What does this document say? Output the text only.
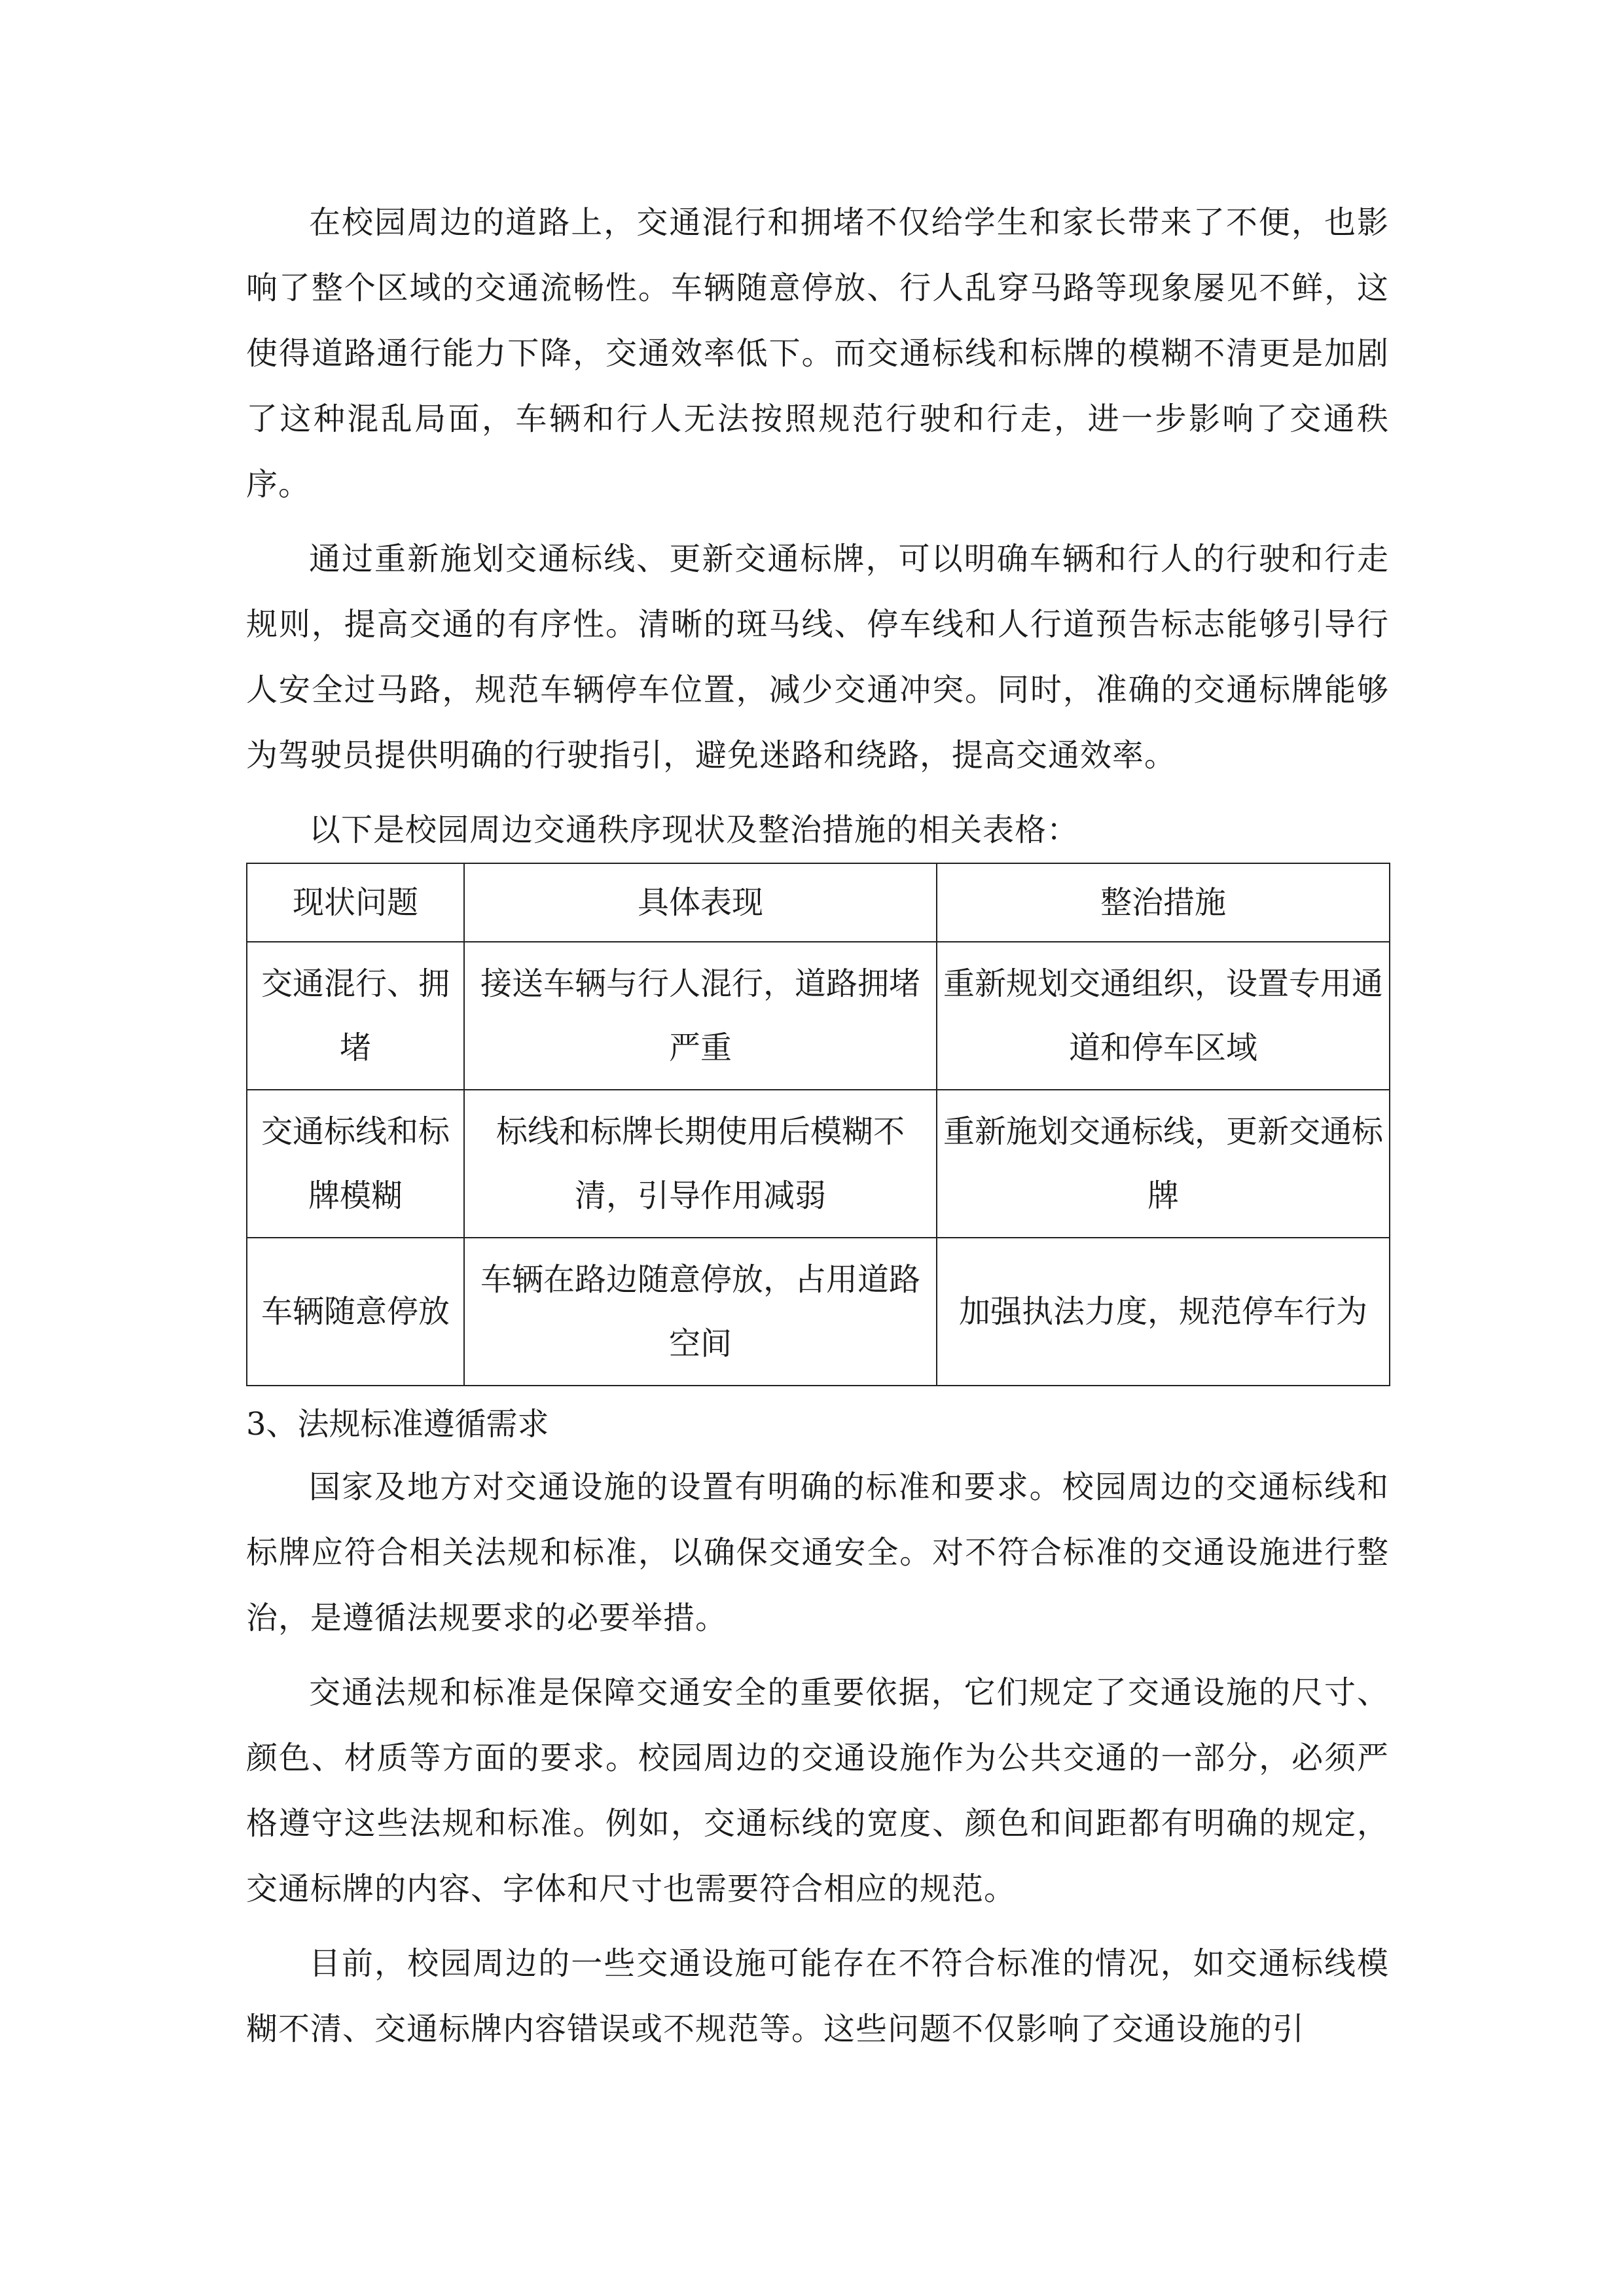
在校园周边的道路上，交通混行和拥堵不仅给学生和家长带来了不便，也影响了整个区域的交通流畅性。车辆随意停放、行人乱穿马路等现象屡见不鲜，这使得道路通行能力下降，交通效率低下。而交通标线和标牌的模糊不清更是加剧了这种混乱局面，车辆和行人无法按照规范行驶和行走，进一步影响了交通秩序。

通过重新施划交通标线、更新交通标牌，可以明确车辆和行人的行驶和行走规则，提高交通的有序性。清晰的斑马线、停车线和人行道预告标志能够引导行人安全过马路，规范车辆停车位置，减少交通冲突。同时，准确的交通标牌能够为驾驶员提供明确的行驶指引，避免迷路和绕路，提高交通效率。

以下是校园周边交通秩序现状及整治措施的相关表格：

现状问题	具体表现	整治措施
交通混行、拥堵	接送车辆与行人混行，道路拥堵严重	重新规划交通组织，设置专用通道和停车区域
交通标线和标牌模糊	标线和标牌长期使用后模糊不清，引导作用减弱	重新施划交通标线，更新交通标牌
车辆随意停放	车辆在路边随意停放，占用道路空间	加强执法力度，规范停车行为

3、法规标准遵循需求

国家及地方对交通设施的设置有明确的标准和要求。校园周边的交通标线和标牌应符合相关法规和标准，以确保交通安全。对不符合标准的交通设施进行整治，是遵循法规要求的必要举措。

交通法规和标准是保障交通安全的重要依据，它们规定了交通设施的尺寸、颜色、材质等方面的要求。校园周边的交通设施作为公共交通的一部分，必须严格遵守这些法规和标准。例如，交通标线的宽度、颜色和间距都有明确的规定，交通标牌的内容、字体和尺寸也需要符合相应的规范。

目前，校园周边的一些交通设施可能存在不符合标准的情况，如交通标线模糊不清、交通标牌内容错误或不规范等。这些问题不仅影响了交通设施的引
